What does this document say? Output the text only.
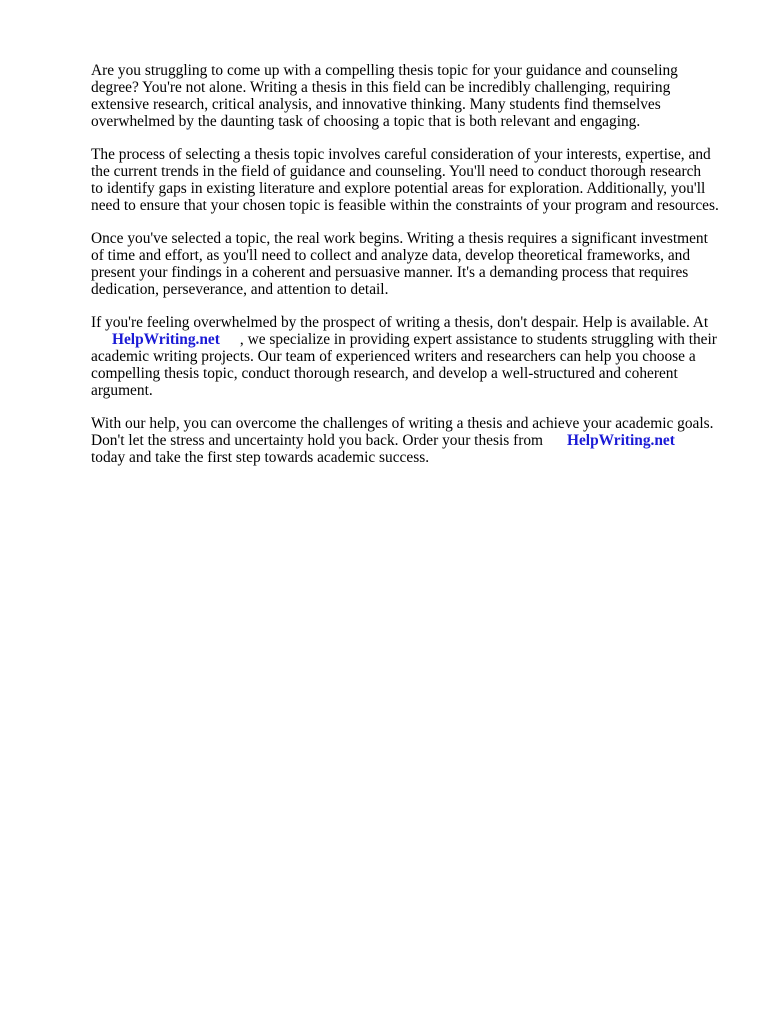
Are you struggling to come up with a compelling thesis topic for your guidance and counseling
degree? You're not alone. Writing a thesis in this field can be incredibly challenging, requiring
extensive research, critical analysis, and innovative thinking. Many students find themselves
overwhelmed by the daunting task of choosing a topic that is both relevant and engaging.
The process of selecting a thesis topic involves careful consideration of your interests, expertise, and
the current trends in the field of guidance and counseling. You'll need to conduct thorough research
to identify gaps in existing literature and explore potential areas for exploration. Additionally, you'll
need to ensure that your chosen topic is feasible within the constraints of your program and resources.
Once you've selected a topic, the real work begins. Writing a thesis requires a significant investment
of time and effort, as you'll need to collect and analyze data, develop theoretical frameworks, and
present your findings in a coherent and persuasive manner. It's a demanding process that requires
dedication, perseverance, and attention to detail.
If you're feeling overwhelmed by the prospect of writing a thesis, don't despair. Help is available. At
HelpWriting.net , we specialize in providing expert assistance to students struggling with their
academic writing projects. Our team of experienced writers and researchers can help you choose a
compelling thesis topic, conduct thorough research, and develop a well-structured and coherent
argument.
With our help, you can overcome the challenges of writing a thesis and achieve your academic goals.
Don't let the stress and uncertainty hold you back. Order your thesis from HelpWriting.net
today and take the first step towards academic success.
